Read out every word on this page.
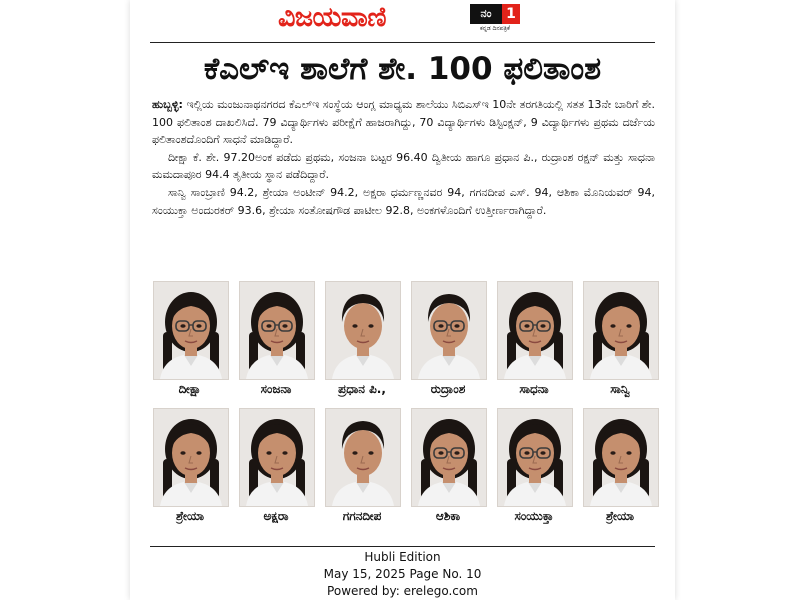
ವಿಜಯವಾಣಿ	ನಂ	1
ಕನ್ನಡ ದಿನಪತ್ರಿಕೆ
ಕೆಎಲ್‌ಇ ಶಾಲೆಗೆ ಶೇ. 100 ಫಲಿತಾಂಶ

ಹುಬ್ಬಳ್ಳಿ: ಇಲ್ಲಿಯ ಮಂಜುನಾಥನಗರದ ಕೆಎಲ್‌ಇ ಸಂಸ್ಥೆಯ ಆಂಗ್ಲ ಮಾಧ್ಯಮ ಶಾಲೆಯು ಸಿಬಿಎಸ್‌ಇ 10ನೇ ತರಗತಿಯಲ್ಲಿ ಸತತ 13ನೇ ಬಾರಿಗೆ ಶೇ. 100 ಫಲಿತಾಂಶ ದಾಖಲಿಸಿದೆ. 79 ವಿದ್ಯಾರ್ಥಿಗಳು ಪರೀಕ್ಷೆಗೆ ಹಾಜರಾಗಿದ್ದು, 70 ವಿದ್ಯಾರ್ಥಿಗಳು ಡಿಸ್ಟಿಂಕ್ಷನ್, 9 ವಿದ್ಯಾರ್ಥಿಗಳು ಪ್ರಥಮ ದರ್ಜೆಯ ಫಲಿತಾಂಶದೊಂದಿಗೆ ಸಾಧನೆ ಮಾಡಿದ್ದಾರೆ.

ದೀಕ್ಷಾ ಕೆ. ಶೇ. 97.20ಅಂಕ ಪಡೆದು ಪ್ರಥಮ, ಸಂಜನಾ ಬಟ್ಟರ 96.40 ದ್ವಿತೀಯ ಹಾಗೂ ಪ್ರಧಾನ ಪಿ., ರುದ್ರಾಂಶ ರಕ್ಷನ್ ಮತ್ತು ಸಾಧನಾ ಮಮದಾಪೂರ 94.4 ತೃತೀಯ ಸ್ಥಾನ ಪಡೆದಿದ್ದಾರೆ.

ಸಾನ್ವಿ ಸಾಂಬ್ರಾಣಿ 94.2, ಶ್ರೇಯಾ ಅಂಟೀನ್ 94.2, ಅಕ್ಷರಾ ಧರ್ಮಣ್ಣನವರ 94, ಗಗನದೀಪ ಎಸ್. 94, ಆಶಿಕಾ ಮೊನಿಯವರ್ 94, ಸಂಯುಕ್ತಾ ಅಂದುರಕರ್ 93.6, ಶ್ರೇಯಾ ಸಂತೋಷಗೌಡ ಪಾಟೀಲ 92.8, ಅಂಕಗಳೊಂದಿಗೆ ಉತ್ತೀರ್ಣರಾಗಿದ್ದಾರೆ.

ದೀಕ್ಷಾ	ಸಂಜನಾ	ಪ್ರಧಾನ ಪಿ.,	ರುದ್ರಾಂಶ	ಸಾಧನಾ	ಸಾನ್ವಿ
ಶ್ರೇಯಾ	ಅಕ್ಷರಾ	ಗಗನದೀಪ	ಆಶಿಕಾ	ಸಂಯುಕ್ತಾ	ಶ್ರೇಯಾ
Hubli Edition
May 15, 2025 Page No. 10
Powered by: erelego.com
